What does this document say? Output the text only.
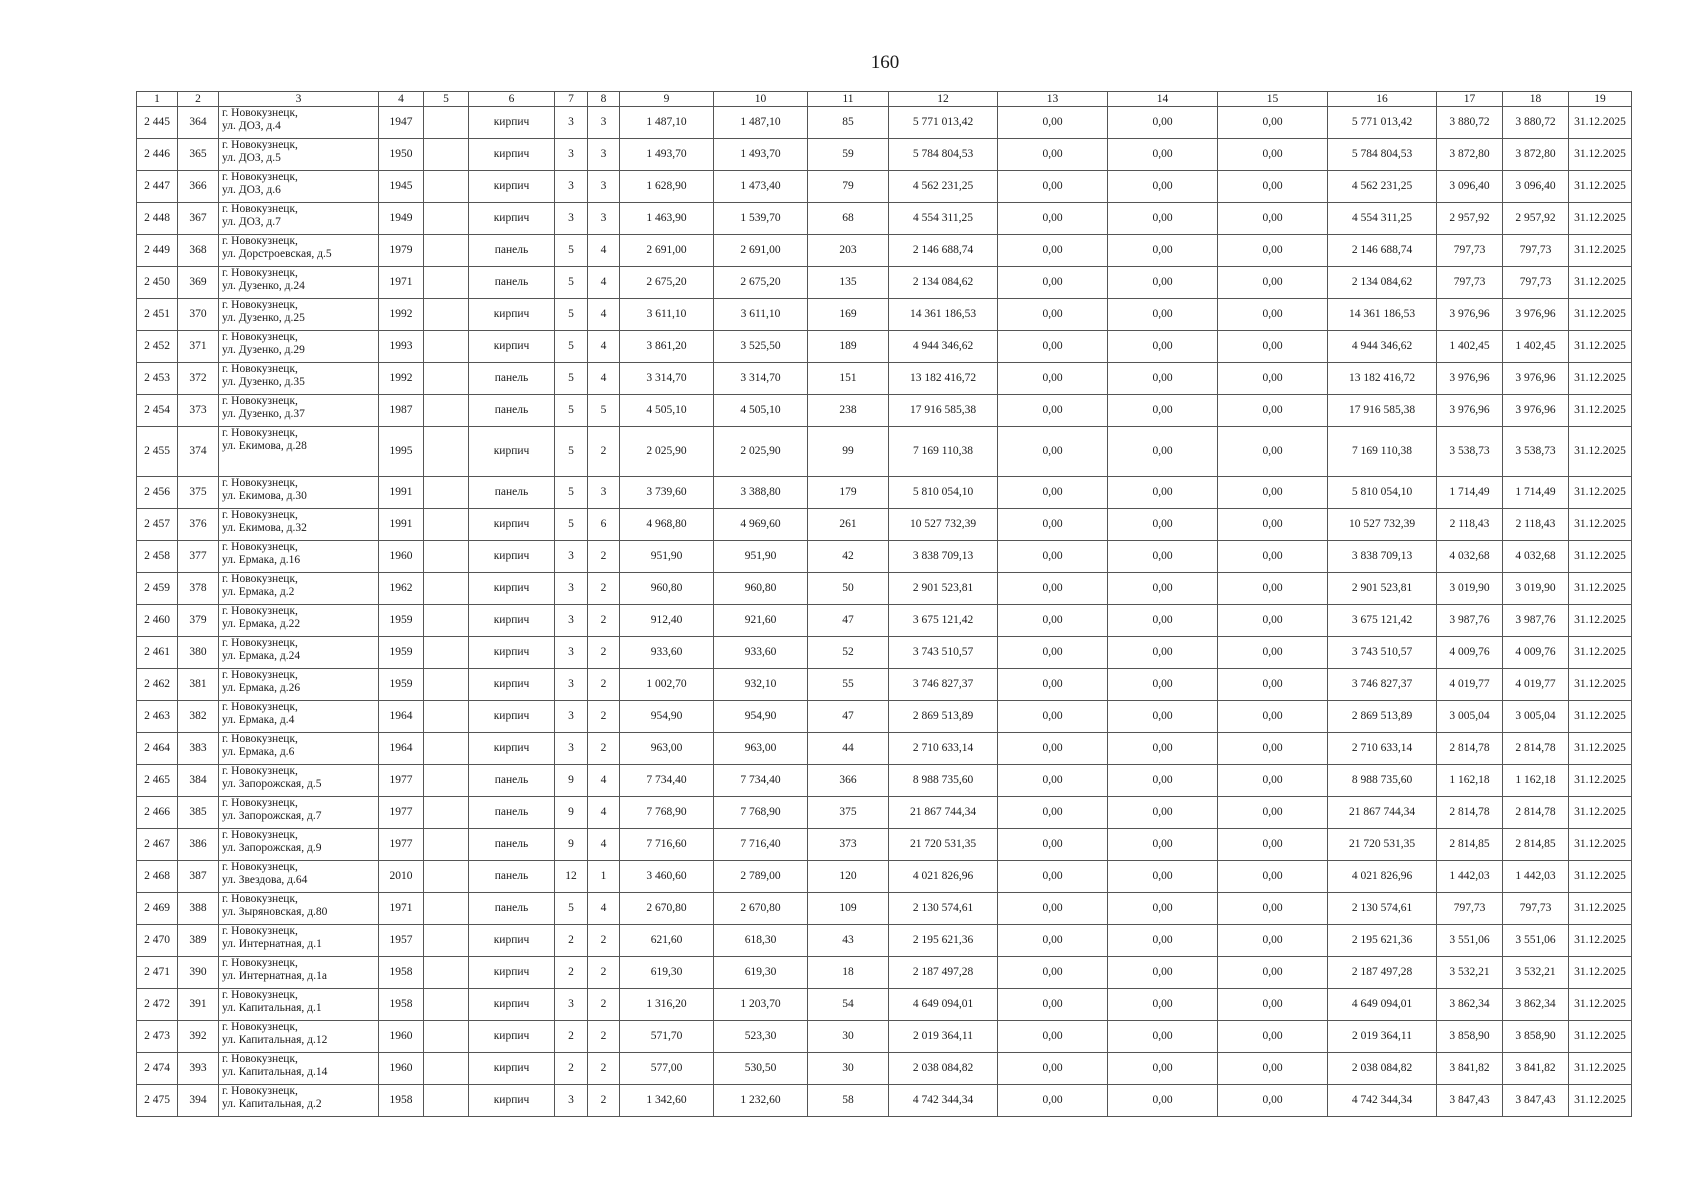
160
1	2	3	4	5	6	7	8	9	10	11	12	13	14	15	16	17	18	19
2 445	364	г. Новокузнецк,
ул. ДОЗ, д.4	1947		кирпич	3	3	1 487,10	1 487,10	85	5 771 013,42	0,00	0,00	0,00	5 771 013,42	3 880,72	3 880,72	31.12.2025
2 446	365	г. Новокузнецк,
ул. ДОЗ, д.5	1950		кирпич	3	3	1 493,70	1 493,70	59	5 784 804,53	0,00	0,00	0,00	5 784 804,53	3 872,80	3 872,80	31.12.2025
2 447	366	г. Новокузнецк,
ул. ДОЗ, д.6	1945		кирпич	3	3	1 628,90	1 473,40	79	4 562 231,25	0,00	0,00	0,00	4 562 231,25	3 096,40	3 096,40	31.12.2025
2 448	367	г. Новокузнецк,
ул. ДОЗ, д.7	1949		кирпич	3	3	1 463,90	1 539,70	68	4 554 311,25	0,00	0,00	0,00	4 554 311,25	2 957,92	2 957,92	31.12.2025
2 449	368	г. Новокузнецк,
ул. Дорстроевская, д.5	1979		панель	5	4	2 691,00	2 691,00	203	2 146 688,74	0,00	0,00	0,00	2 146 688,74	797,73	797,73	31.12.2025
2 450	369	г. Новокузнецк,
ул. Дузенко, д.24	1971		панель	5	4	2 675,20	2 675,20	135	2 134 084,62	0,00	0,00	0,00	2 134 084,62	797,73	797,73	31.12.2025
2 451	370	г. Новокузнецк,
ул. Дузенко, д.25	1992		кирпич	5	4	3 611,10	3 611,10	169	14 361 186,53	0,00	0,00	0,00	14 361 186,53	3 976,96	3 976,96	31.12.2025
2 452	371	г. Новокузнецк,
ул. Дузенко, д.29	1993		кирпич	5	4	3 861,20	3 525,50	189	4 944 346,62	0,00	0,00	0,00	4 944 346,62	1 402,45	1 402,45	31.12.2025
2 453	372	г. Новокузнецк,
ул. Дузенко, д.35	1992		панель	5	4	3 314,70	3 314,70	151	13 182 416,72	0,00	0,00	0,00	13 182 416,72	3 976,96	3 976,96	31.12.2025
2 454	373	г. Новокузнецк,
ул. Дузенко, д.37	1987		панель	5	5	4 505,10	4 505,10	238	17 916 585,38	0,00	0,00	0,00	17 916 585,38	3 976,96	3 976,96	31.12.2025
2 455	374	г. Новокузнецк,
ул. Екимова, д.28	1995		кирпич	5	2	2 025,90	2 025,90	99	7 169 110,38	0,00	0,00	0,00	7 169 110,38	3 538,73	3 538,73	31.12.2025
2 456	375	г. Новокузнецк,
ул. Екимова, д.30	1991		панель	5	3	3 739,60	3 388,80	179	5 810 054,10	0,00	0,00	0,00	5 810 054,10	1 714,49	1 714,49	31.12.2025
2 457	376	г. Новокузнецк,
ул. Екимова, д.32	1991		кирпич	5	6	4 968,80	4 969,60	261	10 527 732,39	0,00	0,00	0,00	10 527 732,39	2 118,43	2 118,43	31.12.2025
2 458	377	г. Новокузнецк,
ул. Ермака, д.16	1960		кирпич	3	2	951,90	951,90	42	3 838 709,13	0,00	0,00	0,00	3 838 709,13	4 032,68	4 032,68	31.12.2025
2 459	378	г. Новокузнецк,
ул. Ермака, д.2	1962		кирпич	3	2	960,80	960,80	50	2 901 523,81	0,00	0,00	0,00	2 901 523,81	3 019,90	3 019,90	31.12.2025
2 460	379	г. Новокузнецк,
ул. Ермака, д.22	1959		кирпич	3	2	912,40	921,60	47	3 675 121,42	0,00	0,00	0,00	3 675 121,42	3 987,76	3 987,76	31.12.2025
2 461	380	г. Новокузнецк,
ул. Ермака, д.24	1959		кирпич	3	2	933,60	933,60	52	3 743 510,57	0,00	0,00	0,00	3 743 510,57	4 009,76	4 009,76	31.12.2025
2 462	381	г. Новокузнецк,
ул. Ермака, д.26	1959		кирпич	3	2	1 002,70	932,10	55	3 746 827,37	0,00	0,00	0,00	3 746 827,37	4 019,77	4 019,77	31.12.2025
2 463	382	г. Новокузнецк,
ул. Ермака, д.4	1964		кирпич	3	2	954,90	954,90	47	2 869 513,89	0,00	0,00	0,00	2 869 513,89	3 005,04	3 005,04	31.12.2025
2 464	383	г. Новокузнецк,
ул. Ермака, д.6	1964		кирпич	3	2	963,00	963,00	44	2 710 633,14	0,00	0,00	0,00	2 710 633,14	2 814,78	2 814,78	31.12.2025
2 465	384	г. Новокузнецк,
ул. Запорожская, д.5	1977		панель	9	4	7 734,40	7 734,40	366	8 988 735,60	0,00	0,00	0,00	8 988 735,60	1 162,18	1 162,18	31.12.2025
2 466	385	г. Новокузнецк,
ул. Запорожская, д.7	1977		панель	9	4	7 768,90	7 768,90	375	21 867 744,34	0,00	0,00	0,00	21 867 744,34	2 814,78	2 814,78	31.12.2025
2 467	386	г. Новокузнецк,
ул. Запорожская, д.9	1977		панель	9	4	7 716,60	7 716,40	373	21 720 531,35	0,00	0,00	0,00	21 720 531,35	2 814,85	2 814,85	31.12.2025
2 468	387	г. Новокузнецк,
ул. Звездова, д.64	2010		панель	12	1	3 460,60	2 789,00	120	4 021 826,96	0,00	0,00	0,00	4 021 826,96	1 442,03	1 442,03	31.12.2025
2 469	388	г. Новокузнецк,
ул. Зыряновская, д.80	1971		панель	5	4	2 670,80	2 670,80	109	2 130 574,61	0,00	0,00	0,00	2 130 574,61	797,73	797,73	31.12.2025
2 470	389	г. Новокузнецк,
ул. Интернатная, д.1	1957		кирпич	2	2	621,60	618,30	43	2 195 621,36	0,00	0,00	0,00	2 195 621,36	3 551,06	3 551,06	31.12.2025
2 471	390	г. Новокузнецк,
ул. Интернатная, д.1а	1958		кирпич	2	2	619,30	619,30	18	2 187 497,28	0,00	0,00	0,00	2 187 497,28	3 532,21	3 532,21	31.12.2025
2 472	391	г. Новокузнецк,
ул. Капитальная, д.1	1958		кирпич	3	2	1 316,20	1 203,70	54	4 649 094,01	0,00	0,00	0,00	4 649 094,01	3 862,34	3 862,34	31.12.2025
2 473	392	г. Новокузнецк,
ул. Капитальная, д.12	1960		кирпич	2	2	571,70	523,30	30	2 019 364,11	0,00	0,00	0,00	2 019 364,11	3 858,90	3 858,90	31.12.2025
2 474	393	г. Новокузнецк,
ул. Капитальная, д.14	1960		кирпич	2	2	577,00	530,50	30	2 038 084,82	0,00	0,00	0,00	2 038 084,82	3 841,82	3 841,82	31.12.2025
2 475	394	г. Новокузнецк,
ул. Капитальная, д.2	1958		кирпич	3	2	1 342,60	1 232,60	58	4 742 344,34	0,00	0,00	0,00	4 742 344,34	3 847,43	3 847,43	31.12.2025
